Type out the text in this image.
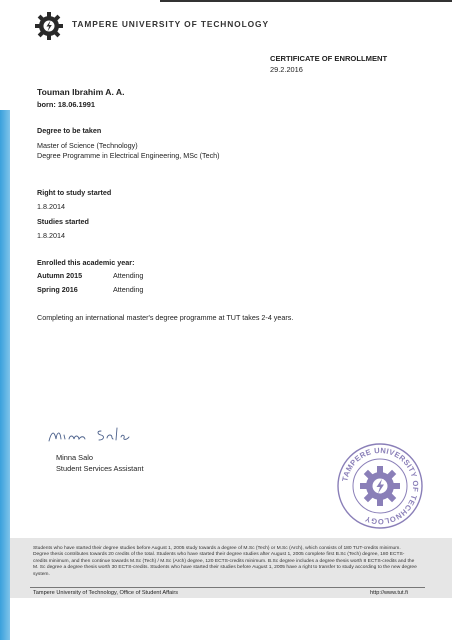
TAMPERE UNIVERSITY OF TECHNOLOGY
CERTIFICATE OF ENROLLMENT
29.2.2016
Touman Ibrahim A. A.
born: 18.06.1991
Degree to be taken
Master of Science (Technology)
Degree Programme in Electrical Engineering, MSc (Tech)
Right to study started
1.8.2014
Studies started
1.8.2014
Enrolled this academic year:
Autumn 2015	Attending
Spring 2016	Attending
Completing an international master's degree programme at TUT takes 2-4 years.
Minna Salo
Student Services Assistant
TAMPERE UNIVERSITY OF TECHNOLOGY
Students who have started their degree studies before August 1, 2005 study towards a degree of M.Sc (Tech) or M.Sc (Arch), which consists of 180 TUT-credits minimum. Degree thesis contributes towards 20 credits of the total. Students who have started their degree studies after August 1, 2005 complete first B.Sc (Tech) degree, 180 ECTS-credits minimum, and then continue towards M.Sc (Tech) / M.Sc (Arch) degree, 120 ECTS-credits minimum. B.Sc degree includes a degree thesis worth 8 ECTS-credits and the M. Sc degree a degree thesis worth 30 ECTS-credits. Students who have started their studies before August 1, 2005 have a right to transfer to study according to the new degree system.
Tampere University of Technology, Office of Student Affairs	http://www.tut.fi
